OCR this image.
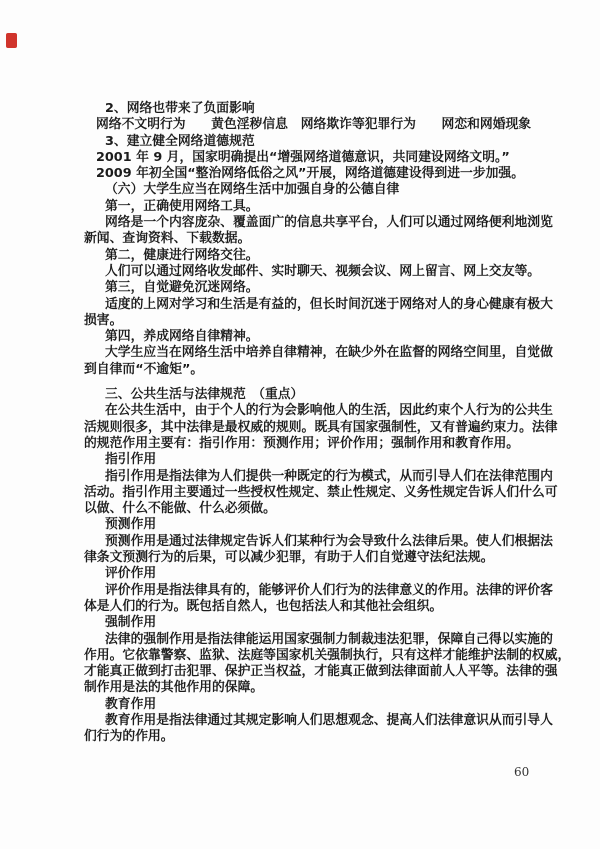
2、网络也带来了负面影响
网络不文明行为　　黄色淫秽信息　网络欺诈等犯罪行为　　网恋和网婚现象
3、建立健全网络道德规范
2001 年 9 月，国家明确提出“增强网络道德意识，共同建设网络文明。”
2009 年初全国“整治网络低俗之风”开展，网络道德建设得到进一步加强。
（六）大学生应当在网络生活中加强自身的公德自律
第一，正确使用网络工具。
网络是一个内容庞杂、覆盖面广的信息共享平台，人们可以通过网络便利地浏览
新闻、查询资料、下载数据。
第二，健康进行网络交往。
人们可以通过网络收发邮件、实时聊天、视频会议、网上留言、网上交友等。
第三，自觉避免沉迷网络。
适度的上网对学习和生活是有益的，但长时间沉迷于网络对人的身心健康有极大
损害。
第四，养成网络自律精神。
大学生应当在网络生活中培养自律精神，在缺少外在监督的网络空间里，自觉做
到自律而“不逾矩”。
三、公共生活与法律规范　（重点）
在公共生活中，由于个人的行为会影响他人的生活，因此约束个人行为的公共生
活规则很多，其中法律是最权威的规则。既具有国家强制性，又有普遍约束力。法律
的规范作用主要有：指引作用：预测作用；评价作用；强制作用和教育作用。
指引作用
指引作用是指法律为人们提供一种既定的行为模式，从而引导人们在法律范围内
活动。指引作用主要通过一些授权性规定、禁止性规定、义务性规定告诉人们什么可
以做、什么不能做、什么必须做。
预测作用
预测作用是通过法律规定告诉人们某种行为会导致什么法律后果。使人们根据法
律条文预测行为的后果，可以减少犯罪，有助于人们自觉遵守法纪法规。
评价作用
评价作用是指法律具有的，能够评价人们行为的法律意义的作用。法律的评价客
体是人们的行为。既包括自然人，也包括法人和其他社会组织。
强制作用
法律的强制作用是指法律能运用国家强制力制裁违法犯罪，保障自己得以实施的
作用。它依靠警察、监狱、法庭等国家机关强制执行，只有这样才能维护法制的权威，
才能真正做到打击犯罪、保护正当权益，才能真正做到法律面前人人平等。法律的强
制作用是法的其他作用的保障。
教育作用
教育作用是指法律通过其规定影响人们思想观念、提高人们法律意识从而引导人
们行为的作用。
60
